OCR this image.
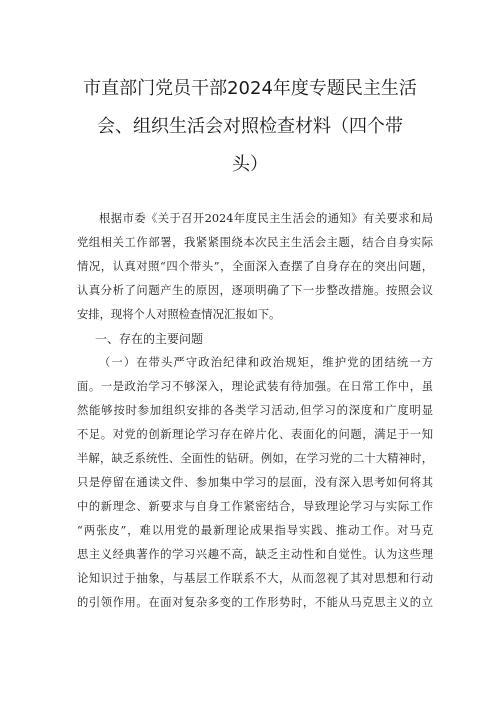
市直部门党员干部2024年度专题民主生活
会、组织生活会对照检查材料（四个带
头）
根据市委《关于召开2024年度民主生活会的通知》有关要求和局
党组相关工作部署，我紧紧围绕本次民主生活会主题，结合自身实际
情况，认真对照“四个带头”，全面深入查摆了自身存在的突出问题，
认真分析了问题产生的原因，逐项明确了下一步整改措施。按照会议
安排，现将个人对照检查情况汇报如下。
一、存在的主要问题
（一）在带头严守政治纪律和政治规矩，维护党的团结统一方
面。一是政治学习不够深入，理论武装有待加强。在日常工作中，虽
然能够按时参加组织安排的各类学习活动,但学习的深度和广度明显
不足。对党的创新理论学习存在碎片化、表面化的问题，满足于一知
半解，缺乏系统性、全面性的钻研。例如，在学习党的二十大精神时，
只是停留在通读文件、参加集中学习的层面，没有深入思考如何将其
中的新理念、新要求与自身工作紧密结合，导致理论学习与实际工作
“两张皮”，难以用党的最新理论成果指导实践、推动工作。对马克
思主义经典著作的学习兴趣不高，缺乏主动性和自觉性。认为这些理
论知识过于抽象，与基层工作联系不大，从而忽视了其对思想和行动
的引领作用。在面对复杂多变的工作形势时，不能从马克思主义的立
